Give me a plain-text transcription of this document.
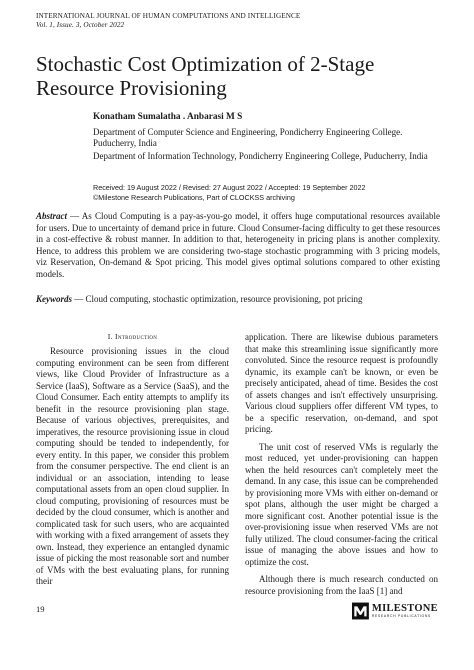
INTERNATIONAL JOURNAL OF HUMAN COMPUTATIONS AND INTELLIGENCE
Vol. 1, Issue. 3, October 2022
Stochastic Cost Optimization of 2-Stage Resource Provisioning
Konatham Sumalatha . Anbarasi M S
Department of Computer Science and Engineering, Pondicherry Engineering College. Puducherry, India
Department of Information Technology, Pondicherry Engineering College, Puducherry, India
Received: 19 August 2022 / Revised: 27 August 2022 / Accepted: 19 September 2022
©Milestone Research Publications, Part of CLOCKSS archiving

Abstract — As Cloud Computing is a pay-as-you-go model, it offers huge computational resources available for users. Due to uncertainty of demand price in future. Cloud Consumer-facing difficulty to get these resources in a cost-effective & robust manner. In addition to that, heterogeneity in pricing plans is another complexity. Hence, to address this problem we are considering two-stage stochastic programming with 3 pricing models, viz Reservation, On-demand & Spot pricing. This model gives optimal solutions compared to other existing models.

Keywords — Cloud computing, stochastic optimization, resource provisioning, pot pricing

I. Introduction

Resource provisioning issues in the cloud computing environment can be seen from different views, like Cloud Provider of Infrastructure as a Service (IaaS), Software as a Service (SaaS), and the Cloud Consumer. Each entity attempts to amplify its benefit in the resource provisioning plan stage. Because of various objectives, prerequisites, and imperatives, the resource provisioning issue in cloud computing should be tended to independently, for every entity. In this paper, we consider this problem from the consumer perspective. The end client is an individual or an association, intending to lease computational assets from an open cloud supplier. In cloud computing, provisioning of resources must be decided by the cloud consumer, which is another and complicated task for such users, who are acquainted with working with a fixed arrangement of assets they own. Instead, they experience an entangled dynamic issue of picking the most reasonable sort and number of VMs with the best evaluating plans, for running their

application. There are likewise dubious parameters that make this streamlining issue significantly more convoluted. Since the resource request is profoundly dynamic, its example can't be known, or even be precisely anticipated, ahead of time. Besides the cost of assets changes and isn't effectively unsurprising. Various cloud suppliers offer different VM types, to be a specific reservation, on-demand, and spot pricing.

The unit cost of reserved VMs is regularly the most reduced, yet under-provisioning can happen when the held resources can't completely meet the demand. In any case, this issue can be comprehended by provisioning more VMs with either on-demand or spot plans, although the user might be charged a more significant cost. Another potential issue is the over-provisioning issue when reserved VMs are not fully utilized. The cloud consumer-facing the critical issue of managing the above issues and how to optimize the cost.

Although there is much research conducted on resource provisioning from the IaaS [1] and

19	MILESTONE
RESEARCH PUBLICATIONS
